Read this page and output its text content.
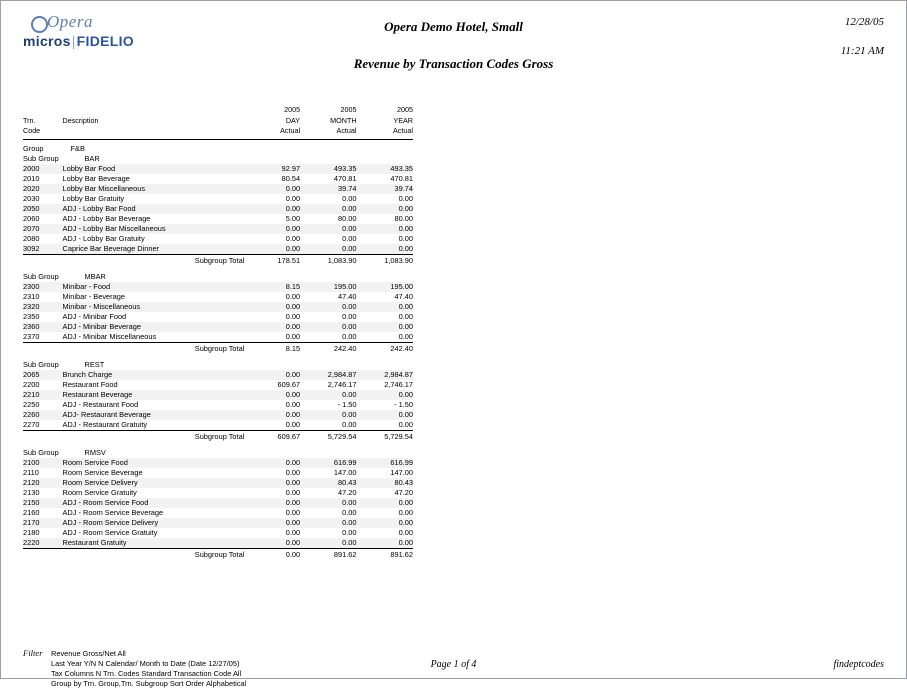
Opera
micros|FIDELIO
Opera Demo Hotel, Small
Revenue by Transaction Codes Gross
12/28/05
11:21 AM
		2005	2005	2005
Trn.	Description	DAY	MONTH	YEAR
Code		Actual	Actual	Actual

Group	F&B			
Sub Group	BAR			
2000	Lobby Bar Food	92.97	493.35	493.35
2010	Lobby Bar Beverage	80.54	470.81	470.81
2020	Lobby Bar Miscellaneous	0.00	39.74	39.74
2030	Lobby Bar Gratuity	0.00	0.00	0.00
2050	ADJ - Lobby Bar Food	0.00	0.00	0.00
2060	ADJ - Lobby Bar Beverage	5.00	80.00	80.00
2070	ADJ - Lobby Bar Miscellaneous	0.00	0.00	0.00
2080	ADJ - Lobby Bar Gratuity	0.00	0.00	0.00
3092	Caprice Bar Beverage Dinner	0.00	0.00	0.00
	Subgroup Total	178.51	1,083.90	1,083.90

Sub Group	MBAR			
2300	Minibar - Food	8.15	195.00	195.00
2310	Minibar - Beverage	0.00	47.40	47.40
2320	Minibar - Miscellaneous	0.00	0.00	0.00
2350	ADJ - Minibar Food	0.00	0.00	0.00
2360	ADJ - Minibar Beverage	0.00	0.00	0.00
2370	ADJ - Minibar Miscellaneous	0.00	0.00	0.00
	Subgroup Total	8.15	242.40	242.40

Sub Group	REST			
2065	Brunch Charge	0.00	2,984.87	2,984.87
2200	Restaurant Food	609.67	2,746.17	2,746.17
2210	Restaurant Beverage	0.00	0.00	0.00
2250	ADJ - Restaurant Food	0.00	- 1.50	- 1.50
2260	ADJ- Restaurant Beverage	0.00	0.00	0.00
2270	ADJ - Restaurant Gratuity	0.00	0.00	0.00
	Subgroup Total	609.67	5,729.54	5,729.54

Sub Group	RMSV			
2100	Room Service Food	0.00	616.99	616.99
2110	Room Service Beverage	0.00	147.00	147.00
2120	Room Service Delivery	0.00	80.43	80.43
2130	Room Service Gratuity	0.00	47.20	47.20
2150	ADJ - Room Service Food	0.00	0.00	0.00
2160	ADJ - Room Service Beverage	0.00	0.00	0.00
2170	ADJ - Room Service Delivery	0.00	0.00	0.00
2180	ADJ - Room Service Gratuity	0.00	0.00	0.00
2220	Restaurant Gratuity	0.00	0.00	0.00
	Subgroup Total	0.00	891.62	891.62
Filter Revenue Gross/Net All
Last Year Y/N N Calendar/ Month to Date (Date 12/27/05)
Tax Columns N Trn. Codes Standard Transaction Code All
Group by Trn. Group,Trn. Subgroup Sort Order Alphabetical
Page 1 of 4	findeptcodes
